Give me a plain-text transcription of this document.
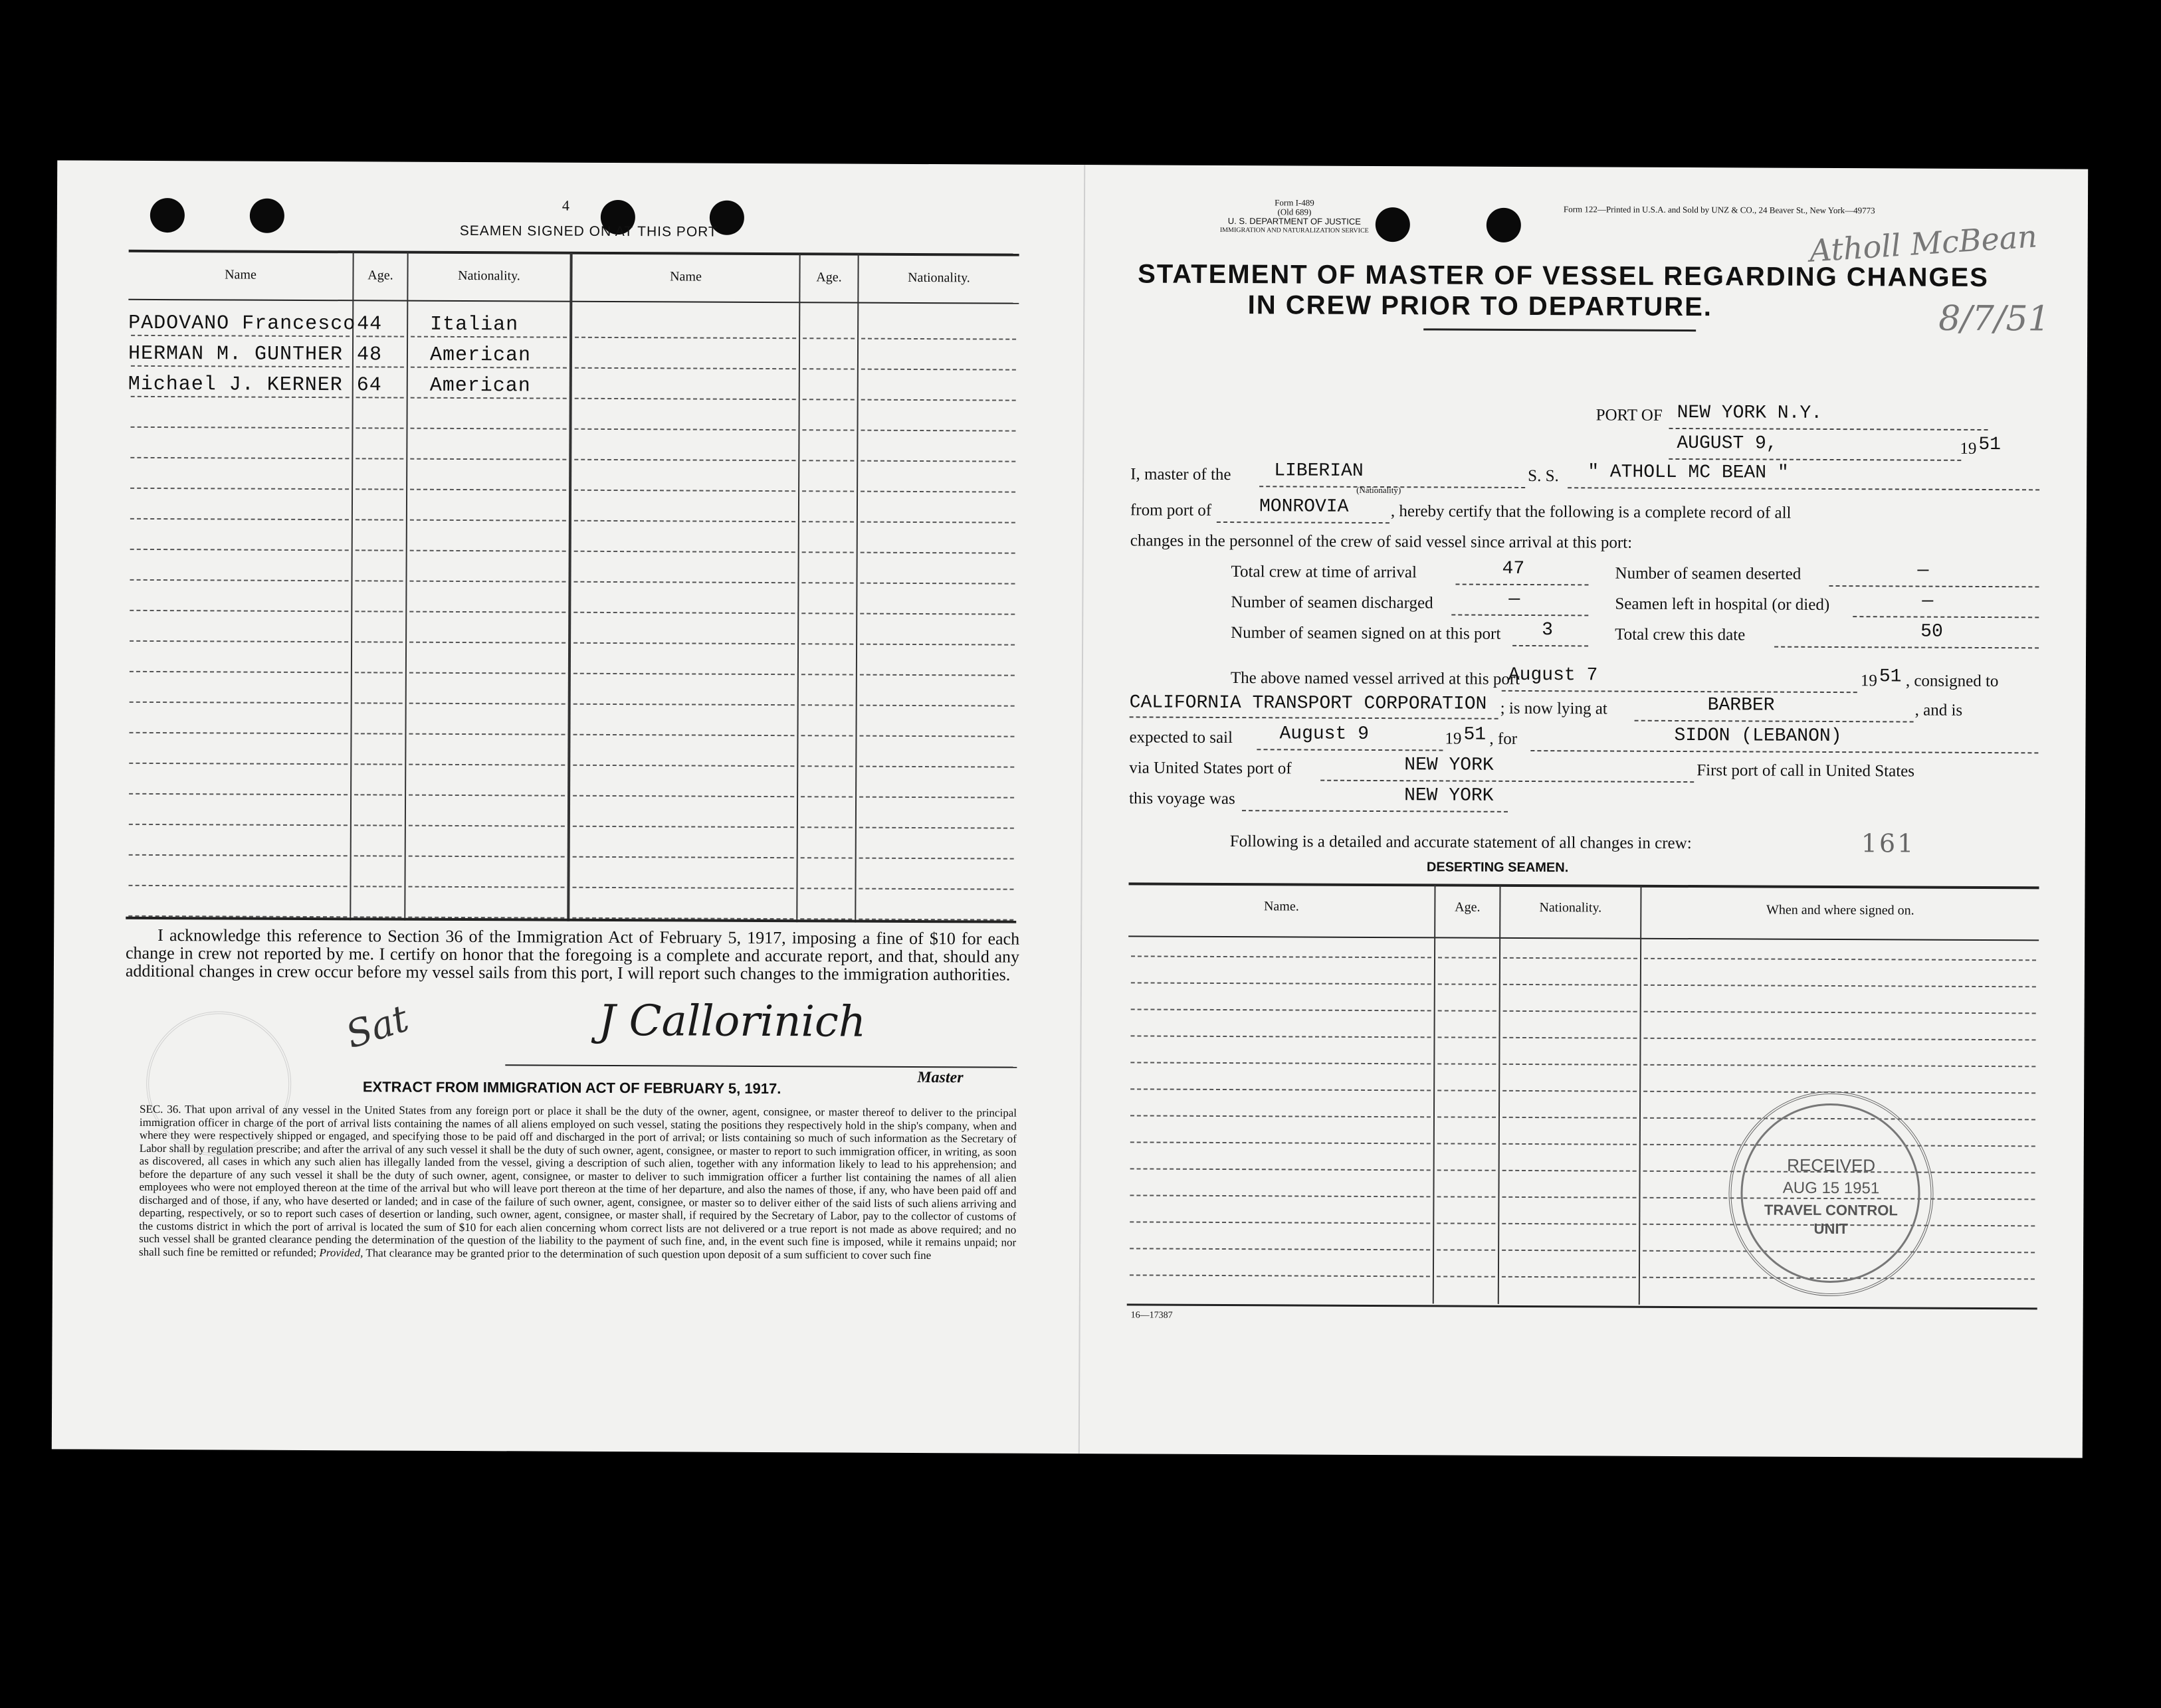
4
SEAMEN SIGNED ON AT THIS PORT
Name	Age.	Nationality.	Name	Age.	Nationality.
PADOVANO Francesco 44 Italian
HERMAN M. GUNTHER 48 American
Michael J. KERNER 64 American
I acknowledge this reference to Section 36 of the Immigration Act of February 5, 1917, imposing a fine of $10 for each change in crew not reported by me. I certify on honor that the foregoing is a complete and accurate report, and that, should any additional changes in crew occur before my vessel sails from this port, I will report such changes to the immigration authorities.
Sat	J Callorinich
Master
EXTRACT FROM IMMIGRATION ACT OF FEBRUARY 5, 1917.
SEC. 36. That upon arrival of any vessel in the United States from any foreign port or place it shall be the duty of the owner, agent, consignee, or master thereof to deliver to the principal immigration officer in charge of the port of arrival lists containing the names of all aliens employed on such vessel, stating the positions they respectively hold in the ship's company, when and where they were respectively shipped or engaged, and specifying those to be paid off and discharged in the port of arrival; or lists containing so much of such information as the Secretary of Labor shall by regulation prescribe; and after the arrival of any such vessel it shall be the duty of such owner, agent, consignee, or master to report to such immigration officer, in writing, as soon as discovered, all cases in which any such alien has illegally landed from the vessel, giving a description of such alien, together with any information likely to lead to his apprehension; and before the departure of any such vessel it shall be the duty of such owner, agent, consignee, or master to deliver to such immigration officer a further list containing the names of all alien employees who were not employed thereon at the time of the arrival but who will leave port thereon at the time of her departure, and also the names of those, if any, who have been paid off and discharged and of those, if any, who have deserted or landed; and in case of the failure of such owner, agent, consignee, or master so to deliver either of the said lists of such aliens arriving and departing, respectively, or so to report such cases of desertion or landing, such owner, agent, consignee, or master shall, if required by the Secretary of Labor, pay to the collector of customs of the customs district in which the port of arrival is located the sum of $10 for each alien concerning whom correct lists are not delivered or a true report is not made as above required; and no such vessel shall be granted clearance pending the determination of the question of the liability to the payment of such fine, and, in the event such fine is imposed, while it remains unpaid; nor shall such fine be remitted or refunded; Provided, That clearance may be granted prior to the determination of such question upon deposit of a sum sufficient to cover such fine
Form I-489
(Old 689)
U. S. DEPARTMENT OF JUSTICE
IMMIGRATION AND NATURALIZATION SERVICE
Form 122—Printed in U.S.A. and Sold by UNZ & CO., 24 Beaver St., New York—49773
Atholl McBean
8/7/51
STATEMENT OF MASTER OF VESSEL REGARDING CHANGES
IN CREW PRIOR TO DEPARTURE.
PORT OF NEW YORK N.Y.
AUGUST 9,	19 51
I, master of the LIBERIAN
(Nationality)
S. S. " ATHOLL MC BEAN "
from port of	MONROVIA	, hereby certify that the following is a complete record of all
changes in the personnel of the crew of said vessel since arrival at this port:
Total crew at time of arrival	47	Number of seamen deserted	—
Number of seamen discharged	—	Seamen left in hospital (or died)	—
Number of seamen signed on at this port 3	Total crew this date	50
The above named vessel arrived at this port
August 7	19 51 , consigned to
CALIFORNIA TRANSPORT CORPORATION ; is now lying at	BARBER	, and is
expected to sail	August 9	19 51 , for	SIDON (LEBANON)
via United States port of	NEW YORK	First port of call in United States
this voyage was	NEW YORK
Following is a detailed and accurate statement of all changes in crew:	161
DESERTING SEAMEN.
Name.	Age.	Nationality.	When and where signed on.
RECEIVED
AUG 15 1951
TRAVEL CONTROL
UNIT
16—17387
